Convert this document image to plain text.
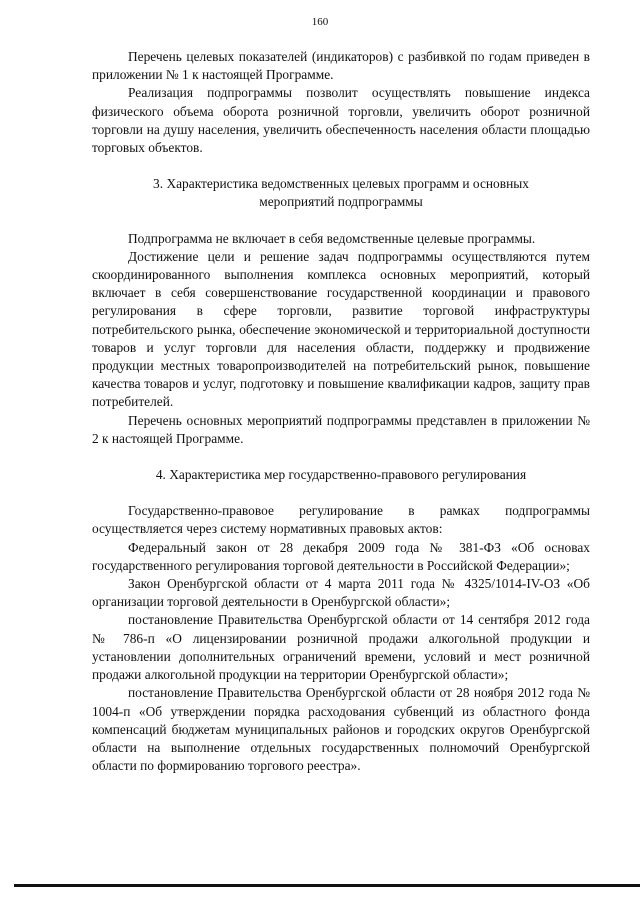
160

Перечень целевых показателей (индикаторов) с разбивкой по годам приведен в приложении № 1 к настоящей Программе.

Реализация подпрограммы позволит осуществлять повышение индекса физического объема оборота розничной торговли, увеличить оборот розничной торговли на душу населения, увеличить обеспеченность населения области площадью торговых объектов.

3. Характеристика ведомственных целевых программ и основных
мероприятий подпрограммы

Подпрограмма не включает в себя ведомственные целевые программы.

Достижение цели и решение задач подпрограммы осуществляются путем скоординированного выполнения комплекса основных мероприятий, который включает в себя совершенствование государственной координации и правового регулирования в сфере торговли, развитие торговой инфраструктуры потребительского рынка, обеспечение экономической и территориальной доступности товаров и услуг торговли для населения области, поддержку и продвижение продукции местных товаропроизводителей на потребительский рынок, повышение качества товаров и услуг, подготовку и повышение квалификации кадров, защиту прав потребителей.

Перечень основных мероприятий подпрограммы представлен в приложении № 2 к настоящей Программе.

4. Характеристика мер государственно-правового регулирования

Государственно-правовое регулирование в рамках подпрограммы осуществляется через систему нормативных правовых актов:

Федеральный закон от 28 декабря 2009 года № 381-ФЗ «Об основах государственного регулирования торговой деятельности в Российской Федерации»;

Закон Оренбургской области от 4 марта 2011 года № 4325/1014-IV-ОЗ «Об организации торговой деятельности в Оренбургской области»;

постановление Правительства Оренбургской области от 14 сентября 2012 года № 786-п «О лицензировании розничной продажи алкогольной продукции и установлении дополнительных ограничений времени, условий и мест розничной продажи алкогольной продукции на территории Оренбургской области»;

постановление Правительства Оренбургской области от 28 ноября 2012 года № 1004-п «Об утверждении порядка расходования субвенций из областного фонда компенсаций бюджетам муниципальных районов и городских округов Оренбургской области на выполнение отдельных государственных полномочий Оренбургской области по формированию торгового реестра».
